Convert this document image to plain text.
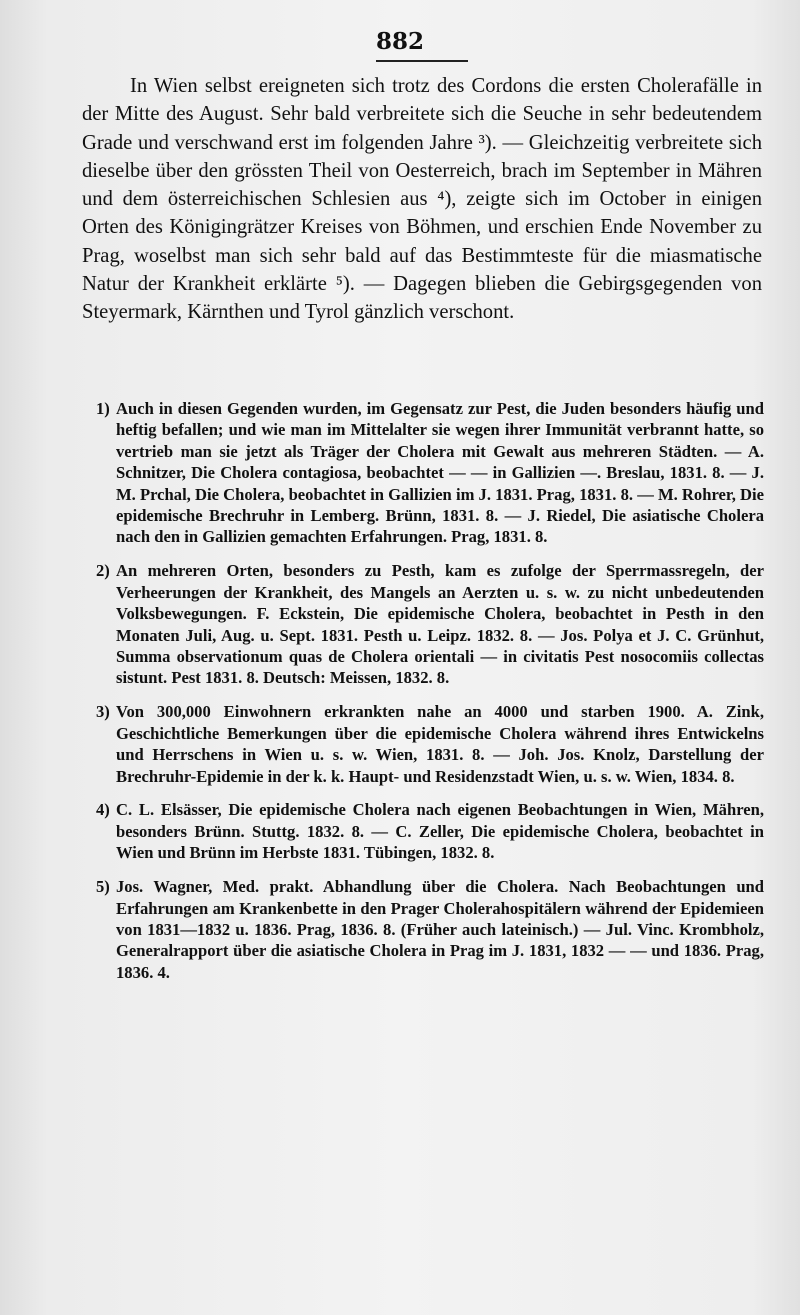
882

In Wien selbst ereigneten sich trotz des Cordons die ersten Cholerafälle in der Mitte des August. Sehr bald verbreitete sich die Seuche in sehr bedeutendem Grade und verschwand erst im folgenden Jahre ³). — Gleichzeitig verbreitete sich dieselbe über den grössten Theil von Oesterreich, brach im September in Mähren und dem österreichischen Schlesien aus ⁴), zeigte sich im October in einigen Orten des Königingrätzer Kreises von Böhmen, und erschien Ende November zu Prag, woselbst man sich sehr bald auf das Bestimmteste für die miasmatische Natur der Krankheit erklärte ⁵). — Dagegen blieben die Gebirgsgegenden von Steyermark, Kärnthen und Tyrol gänzlich verschont.

1) Auch in diesen Gegenden wurden, im Gegensatz zur Pest, die Juden besonders häufig und heftig befallen; und wie man im Mittelalter sie wegen ihrer Immunität verbrannt hatte, so vertrieb man sie jetzt als Träger der Cholera mit Gewalt aus mehreren Städten. — A. Schnitzer, Die Cholera contagiosa, beobachtet — — in Gallizien —. Breslau, 1831. 8. — J. M. Prchal, Die Cholera, beobachtet in Gallizien im J. 1831. Prag, 1831. 8. — M. Rohrer, Die epidemische Brechruhr in Lemberg. Brünn, 1831. 8. — J. Riedel, Die asiatische Cholera nach den in Gallizien gemachten Erfahrungen. Prag, 1831. 8.
2) An mehreren Orten, besonders zu Pesth, kam es zufolge der Sperrmassregeln, der Verheerungen der Krankheit, des Mangels an Aerzten u. s. w. zu nicht unbedeutenden Volksbewegungen. F. Eckstein, Die epidemische Cholera, beobachtet in Pesth in den Monaten Juli, Aug. u. Sept. 1831. Pesth u. Leipz. 1832. 8. — Jos. Polya et J. C. Grünhut, Summa observationum quas de Cholera orientali — in civitatis Pest nosocomiis collectas sistunt. Pest 1831. 8. Deutsch: Meissen, 1832. 8.
3) Von 300,000 Einwohnern erkrankten nahe an 4000 und starben 1900. A. Zink, Geschichtliche Bemerkungen über die epidemische Cholera während ihres Entwickelns und Herrschens in Wien u. s. w. Wien, 1831. 8. — Joh. Jos. Knolz, Darstellung der Brechruhr-Epidemie in der k. k. Haupt- und Residenzstadt Wien, u. s. w. Wien, 1834. 8.
4) C. L. Elsässer, Die epidemische Cholera nach eigenen Beobachtungen in Wien, Mähren, besonders Brünn. Stuttg. 1832. 8. — C. Zeller, Die epidemische Cholera, beobachtet in Wien und Brünn im Herbste 1831. Tübingen, 1832. 8.
5) Jos. Wagner, Med. prakt. Abhandlung über die Cholera. Nach Beobachtungen und Erfahrungen am Krankenbette in den Prager Cholerahospitälern während der Epidemieen von 1831—1832 u. 1836. Prag, 1836. 8. (Früher auch lateinisch.) — Jul. Vinc. Krombholz, Generalrapport über die asiatische Cholera in Prag im J. 1831, 1832 — — und 1836. Prag, 1836. 4.
